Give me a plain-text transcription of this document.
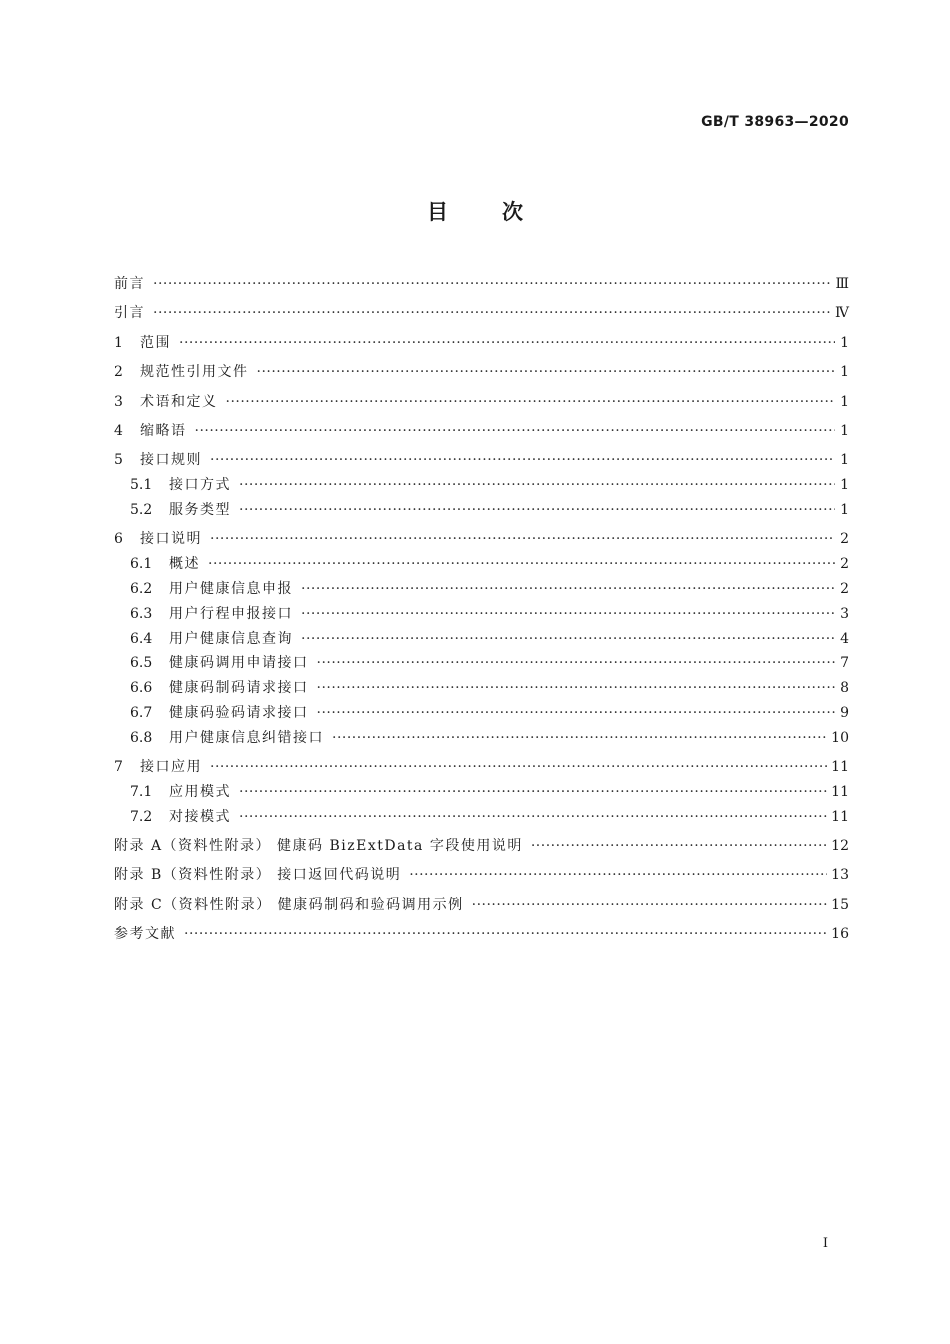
GB/T 38963—2020
目次
前言 ·····	Ⅲ
引言 ·····	Ⅳ
1	范围 ·····	1
2	规范性引用文件 ·····	1
3	术语和定义 ·····	1
4	缩略语 ·····	1
5	接口规则 ·····	1
5.1	接口方式 ·····	1
5.2	服务类型 ·····	1
6	接口说明 ·····	2
6.1	概述 ·····	2
6.2	用户健康信息申报 ·····	2
6.3	用户行程申报接口 ·····	3
6.4	用户健康信息查询 ·····	4
6.5	健康码调用申请接口 ·····	7
6.6	健康码制码请求接口 ·····	8
6.7	健康码验码请求接口 ·····	9
6.8	用户健康信息纠错接口 ·····	10
7	接口应用 ·····	11
7.1	应用模式 ·····	11
7.2	对接模式 ·····	11
附录 A（资料性附录） 健康码 BizExtData 字段使用说明 ·····	12
附录 B（资料性附录） 接口返回代码说明 ·····	13
附录 C（资料性附录） 健康码制码和验码调用示例 ·····	15
参考文献 ·····	16
Ⅰ
